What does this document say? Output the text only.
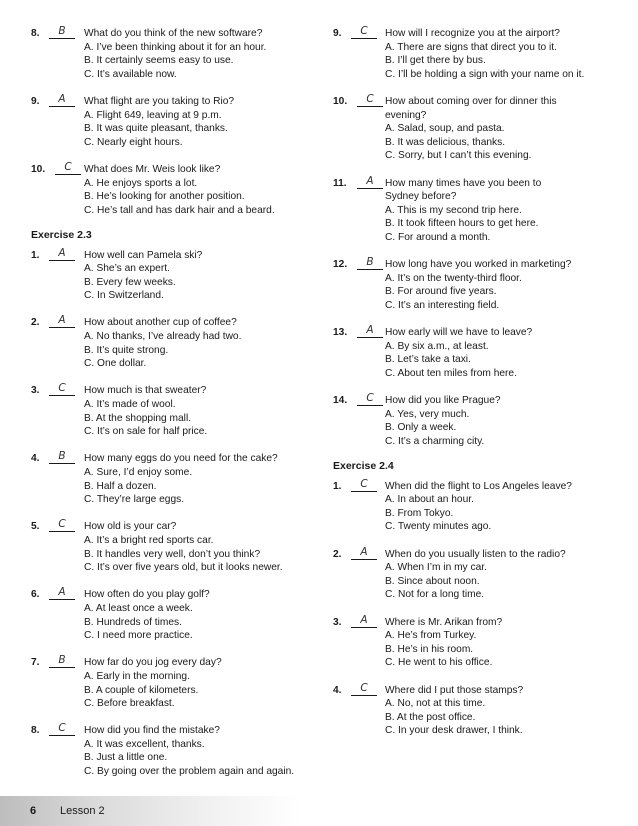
8.	B	What do you think of the new software?
A. I’ve been thinking about it for an hour.
B. It certainly seems easy to use.
C. It’s available now.
9.	A	What flight are you taking to Rio?
A. Flight 649, leaving at 9 p.m.
B. It was quite pleasant, thanks.
C. Nearly eight hours.
10.	C	What does Mr. Weis look like?
A. He enjoys sports a lot.
B. He’s looking for another position.
C. He’s tall and has dark hair and a beard.
Exercise 2.3
1.	A	How well can Pamela ski?
A. She’s an expert.
B. Every few weeks.
C. In Switzerland.
2.	A	How about another cup of coffee?
A. No thanks, I’ve already had two.
B. It’s quite strong.
C. One dollar.
3.	C	How much is that sweater?
A. It’s made of wool.
B. At the shopping mall.
C. It’s on sale for half price.
4.	B	How many eggs do you need for the cake?
A. Sure, I’d enjoy some.
B. Half a dozen.
C. They’re large eggs.
5.	C	How old is your car?
A. It’s a bright red sports car.
B. It handles very well, don’t you think?
C. It’s over five years old, but it looks newer.
6.	A	How often do you play golf?
A. At least once a week.
B. Hundreds of times.
C. I need more practice.
7.	B	How far do you jog every day?
A. Early in the morning.
B. A couple of kilometers.
C. Before breakfast.
8.	C	How did you find the mistake?
A. It was excellent, thanks.
B. Just a little one.
C. By going over the problem again and again.
9.	C	How will I recognize you at the airport?
A. There are signs that direct you to it.
B. I’ll get there by bus.
C. I’ll be holding a sign with your name on it.
10.	C	How about coming over for dinner this
evening?
A. Salad, soup, and pasta.
B. It was delicious, thanks.
C. Sorry, but I can’t this evening.
11.	A	How many times have you been to
Sydney before?
A. This is my second trip here.
B. It took fifteen hours to get here.
C. For around a month.
12.	B	How long have you worked in marketing?
A. It’s on the twenty-third floor.
B. For around five years.
C. It’s an interesting field.
13.	A	How early will we have to leave?
A. By six a.m., at least.
B. Let’s take a taxi.
C. About ten miles from here.
14.	C	How did you like Prague?
A. Yes, very much.
B. Only a week.
C. It’s a charming city.
Exercise 2.4
1.	C	When did the flight to Los Angeles leave?
A. In about an hour.
B. From Tokyo.
C. Twenty minutes ago.
2.	A	When do you usually listen to the radio?
A. When I’m in my car.
B. Since about noon.
C. Not for a long time.
3.	A	Where is Mr. Arikan from?
A. He’s from Turkey.
B. He’s in his room.
C. He went to his office.
4.	C	Where did I put those stamps?
A. No, not at this time.
B. At the post office.
C. In your desk drawer, I think.
6 Lesson 2
